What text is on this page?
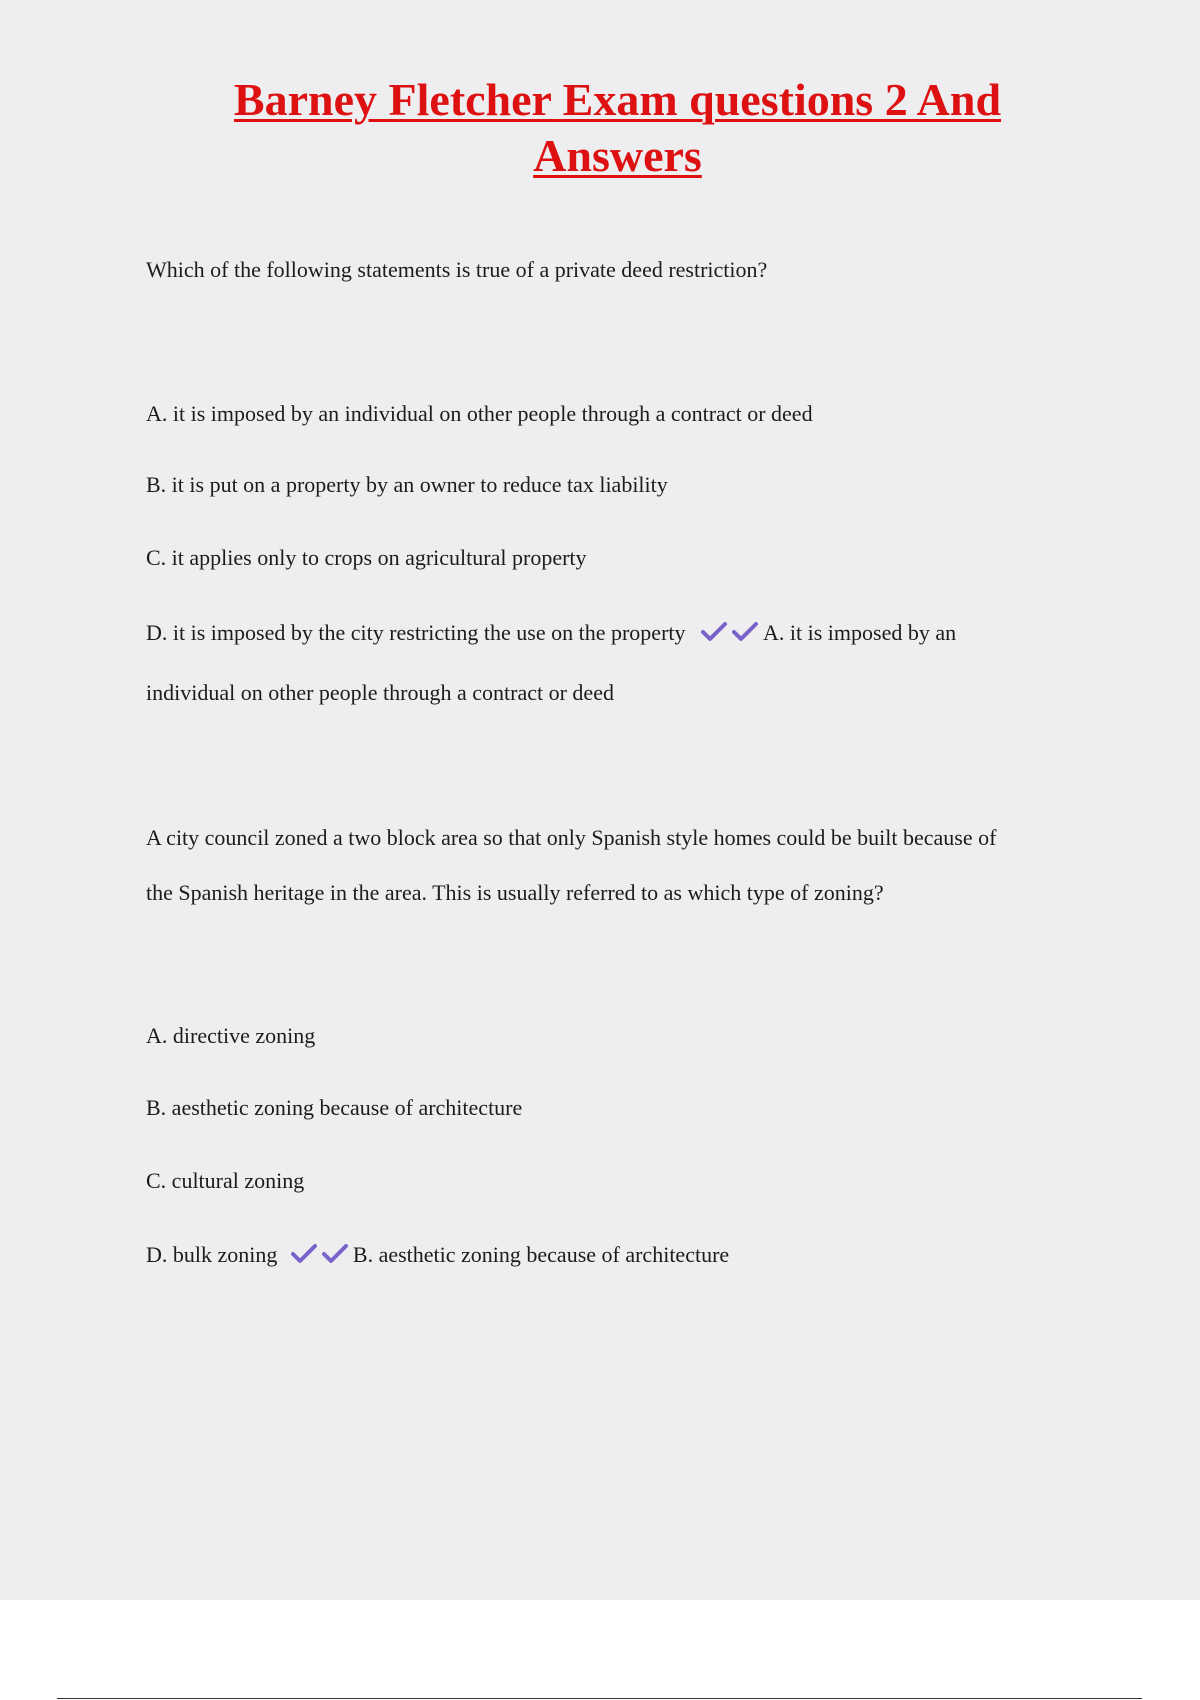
Barney Fletcher Exam questions 2 And
Answers
Which of the following statements is true of a private deed restriction?
A. it is imposed by an individual on other people through a contract or deed
B. it is put on a property by an owner to reduce tax liability
C. it applies only to crops on agricultural property
D. it is imposed by the city restricting the use on the property	A. it is imposed by an
individual on other people through a contract or deed
A city council zoned a two block area so that only Spanish style homes could be built because of
the Spanish heritage in the area. This is usually referred to as which type of zoning?
A. directive zoning
B. aesthetic zoning because of architecture
C. cultural zoning
D. bulk zoning	B. aesthetic zoning because of architecture
